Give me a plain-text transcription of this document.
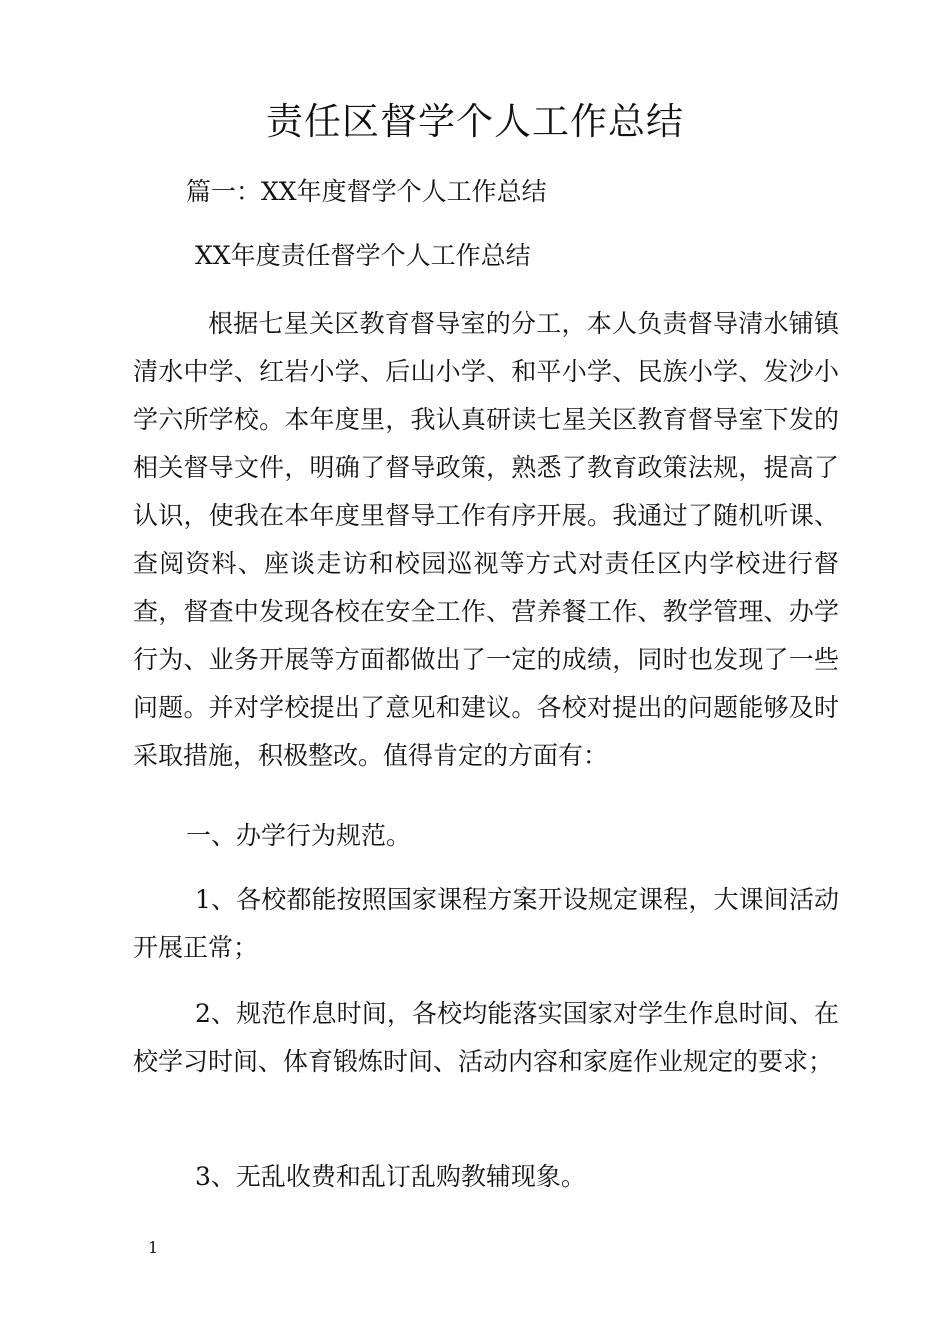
责任区督学个人工作总结
篇一：XX年度督学个人工作总结
XX年度责任督学个人工作总结
根据七星关区教育督导室的分工，本人负责督导清水铺镇清水中学、红岩小学、后山小学、和平小学、民族小学、发沙小学六所学校。本年度里，我认真研读七星关区教育督导室下发的相关督导文件，明确了督导政策，熟悉了教育政策法规，提高了认识，使我在本年度里督导工作有序开展。我通过了随机听课、查阅资料、座谈走访和校园巡视等方式对责任区内学校进行督查，督查中发现各校在安全工作、营养餐工作、教学管理、办学行为、业务开展等方面都做出了一定的成绩，同时也发现了一些问题。并对学校提出了意见和建议。各校对提出的问题能够及时采取措施，积极整改。值得肯定的方面有：
一、办学行为规范。
1、各校都能按照国家课程方案开设规定课程，大课间活动开展正常；
2、规范作息时间，各校均能落实国家对学生作息时间、在校学习时间、体育锻炼时间、活动内容和家庭作业规定的要求；
3、无乱收费和乱订乱购教辅现象。
1
